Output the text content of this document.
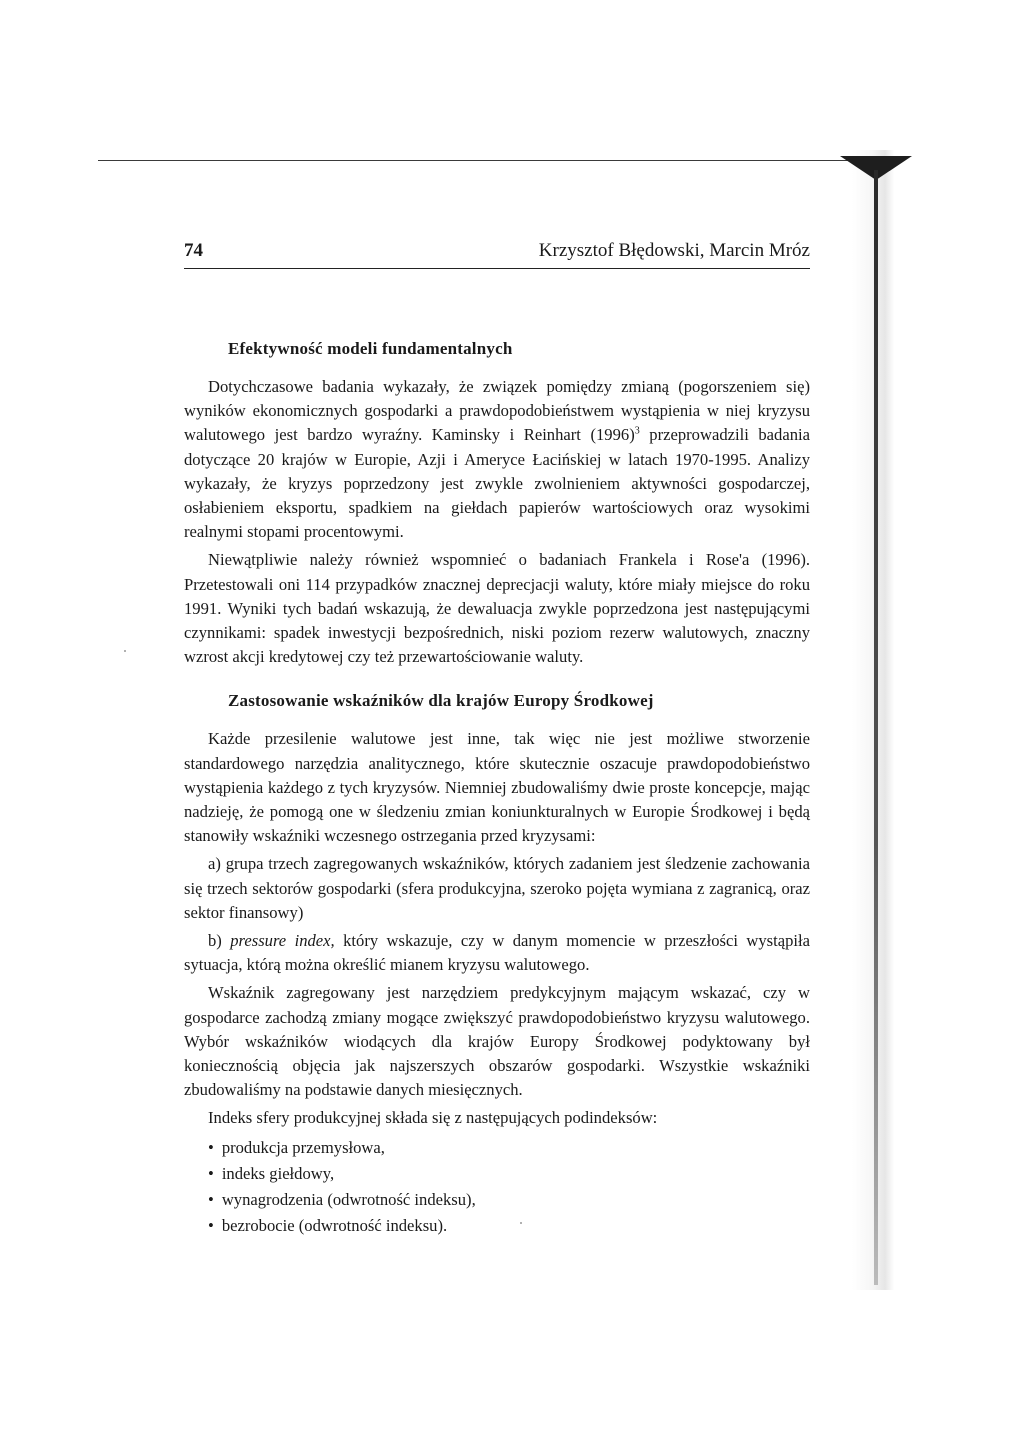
74	Krzysztof Błędowski, Marcin Mróz
Efektywność modeli fundamentalnych

Dotychczasowe badania wykazały, że związek pomiędzy zmianą (pogorszeniem się) wyników ekonomicznych gospodarki a prawdopodobieństwem wystąpienia w niej kryzysu walutowego jest bardzo wyraźny. Kaminsky i Reinhart $(1996)^3$ przeprowadzili badania dotyczące 20 krajów w Europie, Azji i Ameryce Łacińskiej w latach 1970-1995. Analizy wykazały, że kryzys poprzedzony jest zwykle zwolnieniem aktywności gospodarczej, osłabieniem eksportu, spadkiem na giełdach papierów wartościowych oraz wysokimi realnymi stopami procentowymi.

Niewątpliwie należy również wspomnieć o badaniach Frankela i Rose'a (1996). Przetestowali oni 114 przypadków znacznej deprecjacji waluty, które miały miejsce do roku 1991. Wyniki tych badań wskazują, że dewaluacja zwykle poprzedzona jest następującymi czynnikami: spadek inwestycji bezpośrednich, niski poziom rezerw walutowych, znaczny wzrost akcji kredytowej czy też przewartościowanie waluty.

Zastosowanie wskaźników dla krajów Europy Środkowej

Każde przesilenie walutowe jest inne, tak więc nie jest możliwe stworzenie standardowego narzędzia analitycznego, które skutecznie oszacuje prawdopodobieństwo wystąpienia każdego z tych kryzysów. Niemniej zbudowaliśmy dwie proste koncepcje, mając nadzieję, że pomogą one w śledzeniu zmian koniunkturalnych w Europie Środkowej i będą stanowiły wskaźniki wczesnego ostrzegania przed kryzysami:

a) grupa trzech zagregowanych wskaźników, których zadaniem jest śledzenie zachowania się trzech sektorów gospodarki (sfera produkcyjna, szeroko pojęta wymiana z zagranicą, oraz sektor finansowy)

b) pressure index, który wskazuje, czy w danym momencie w przeszłości wystąpiła sytuacja, którą można określić mianem kryzysu walutowego.

Wskaźnik zagregowany jest narzędziem predykcyjnym mającym wskazać, czy w gospodarce zachodzą zmiany mogące zwiększyć prawdopodobieństwo kryzysu walutowego. Wybór wskaźników wiodących dla krajów Europy Środkowej podyktowany był koniecznością objęcia jak najszerszych obszarów gospodarki. Wszystkie wskaźniki zbudowaliśmy na podstawie danych miesięcznych.

Indeks sfery produkcyjnej składa się z następujących podindeksów:

• produkcja przemysłowa,
• indeks giełdowy,
• wynagrodzenia (odwrotność indeksu),
• bezrobocie (odwrotność indeksu).
